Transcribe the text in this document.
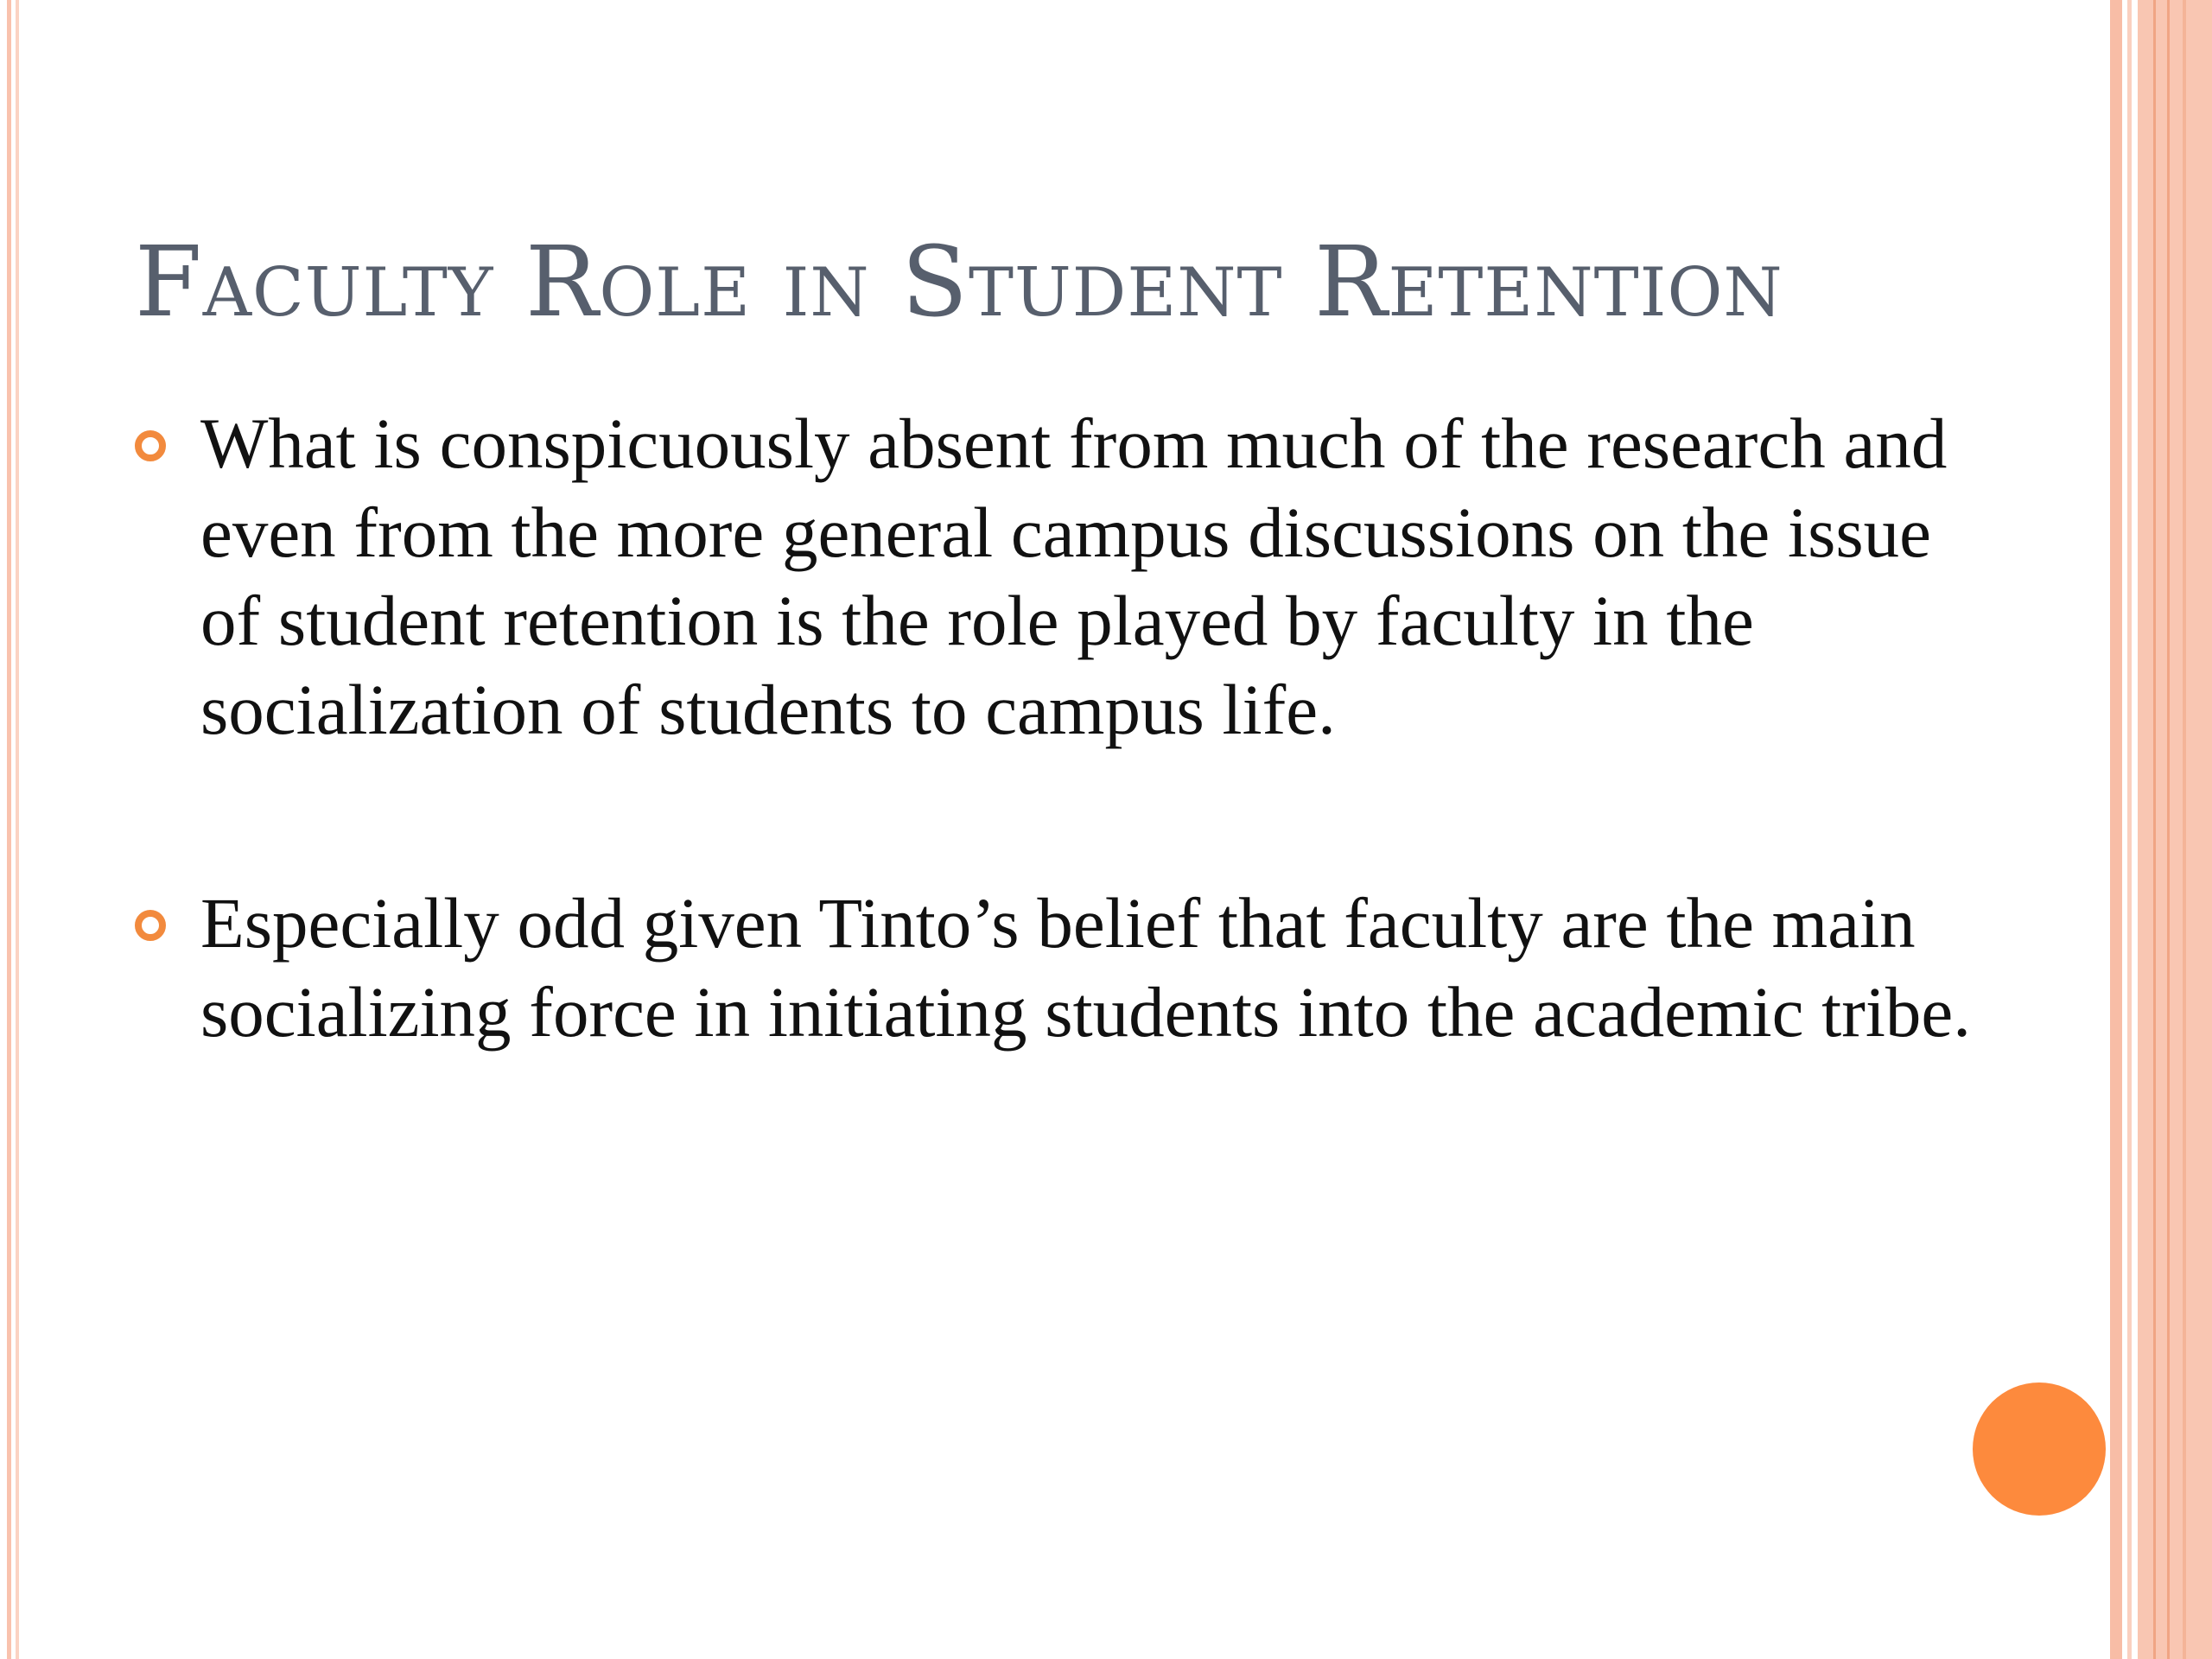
Faculty Role in Student Retention
What is conspicuously absent from much of the research and even from the more general campus discussions on the issue of student retention is the role played by faculty in the socialization of students to campus life.
Especially odd given Tinto’s belief that faculty are the main socializing force in initiating students into the academic tribe.
